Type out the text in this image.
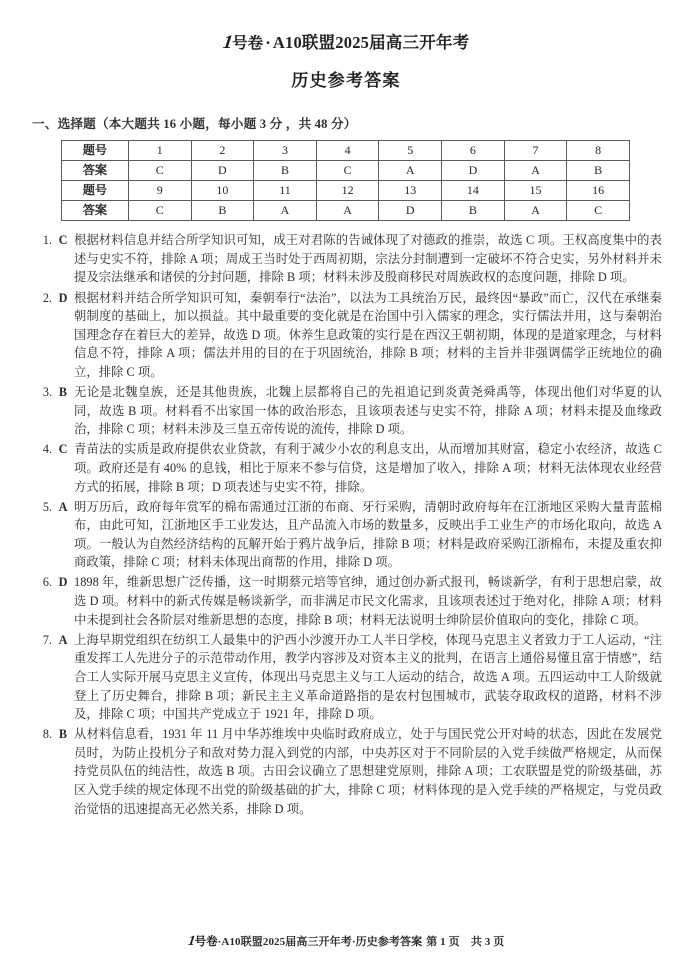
1号卷 · A10联盟2025届高三开年考
历史参考答案
一、选择题（本大题共 16 小题，每小题 3 分 ，共 48 分）
题号	1	2	3	4	5	6	7	8
答案	C	D	B	C	A	D	A	B
题号	9	10	11	12	13	14	15	16
答案	C	B	A	A	D	B	A	C
1. C 根据材料信息并结合所学知识可知，成王对君陈的告诫体现了对德政的推崇，故选 C 项。王权高度集中的表述与史实不符，排除 A 项；周成王当时处于西周初期，宗法分封制遭到一定破坏不符合史实，另外材料并未提及宗法继承和诸侯的分封问题，排除 B 项；材料未涉及殷商移民对周族政权的态度问题，排除 D 项。
2. D 根据材料并结合所学知识可知，秦朝奉行“法治”，以法为工具统治万民，最终因“暴政”而亡，汉代在承继秦朝制度的基础上，加以损益。其中最重要的变化就是在治国中引入儒家的理念，实行儒法并用，这与秦朝治国理念存在着巨大的差异，故选 D 项。休养生息政策的实行是在西汉王朝初期，体现的是道家理念，与材料信息不符，排除 A 项；儒法并用的目的在于巩固统治，排除 B 项；材料的主旨并非强调儒学正统地位的确立，排除 C 项。
3. B 无论是北魏皇族，还是其他贵族，北魏上层都将自己的先祖追记到炎黄尧舜禹等，体现出他们对华夏的认同，故选 B 项。材料看不出家国一体的政治形态，且该项表述与史实不符，排除 A 项；材料未提及血缘政治，排除 C 项；材料未涉及三皇五帝传说的流传，排除 D 项。
4. C 青苗法的实质是政府提供农业贷款，有利于减少小农的利息支出，从而增加其财富，稳定小农经济，故选 C 项。政府还是有 40% 的息钱，相比于原来不参与信贷，这是增加了收入，排除 A 项；材料无法体现农业经营方式的拓展，排除 B 项；D 项表述与史实不符，排除。
5. A 明万历后，政府每年赏军的棉布需通过江浙的布商、牙行采购，清朝时政府每年在江浙地区采购大量青蓝棉布，由此可知，江浙地区手工业发达，且产品流入市场的数量多，反映出手工业生产的市场化取向，故选 A 项。一般认为自然经济结构的瓦解开始于鸦片战争后，排除 B 项；材料是政府采购江浙棉布，未提及重农抑商政策，排除 C 项；材料未体现出商帮的作用，排除 D 项。
6. D 1898 年，维新思想广泛传播，这一时期蔡元培等官绅，通过创办新式报刊，畅谈新学，有利于思想启蒙，故选 D 项。材料中的新式传媒是畅谈新学，而非满足市民文化需求，且该项表述过于绝对化，排除 A 项；材料中未提到社会各阶层对维新思想的态度，排除 B 项；材料无法说明士绅阶层价值取向的变化，排除 C 项。
7. A 上海早期党组织在纺织工人最集中的沪西小沙渡开办工人半日学校，体现马克思主义者致力于工人运动，“注重发挥工人先进分子的示范带动作用，教学内容涉及对资本主义的批判，在语言上通俗易懂且富于情感”，结合工人实际开展马克思主义宣传，体现出马克思主义与工人运动的结合，故选 A 项。五四运动中工人阶级就登上了历史舞台，排除 B 项；新民主主义革命道路指的是农村包围城市，武装夺取政权的道路，材料不涉及，排除 C 项；中国共产党成立于 1921 年，排除 D 项。
8. B 从材料信息看，1931 年 11 月中华苏维埃中央临时政府成立，处于与国民党公开对峙的状态，因此在发展党员时，为防止投机分子和敌对势力混入到党的内部，中央苏区对于不同阶层的入党手续做严格规定，从而保持党员队伍的纯洁性，故选 B 项。古田会议确立了思想建党原则，排除 A 项；工农联盟是党的阶级基础，苏区入党手续的规定体现不出党的阶级基础的扩大，排除 C 项；材料体现的是入党手续的严格规定，与党员政治觉悟的迅速提高无必然关系，排除 D 项。
1号卷·A10联盟2025届高三开年考·历史参考答案 第 1 页　共 3 页
